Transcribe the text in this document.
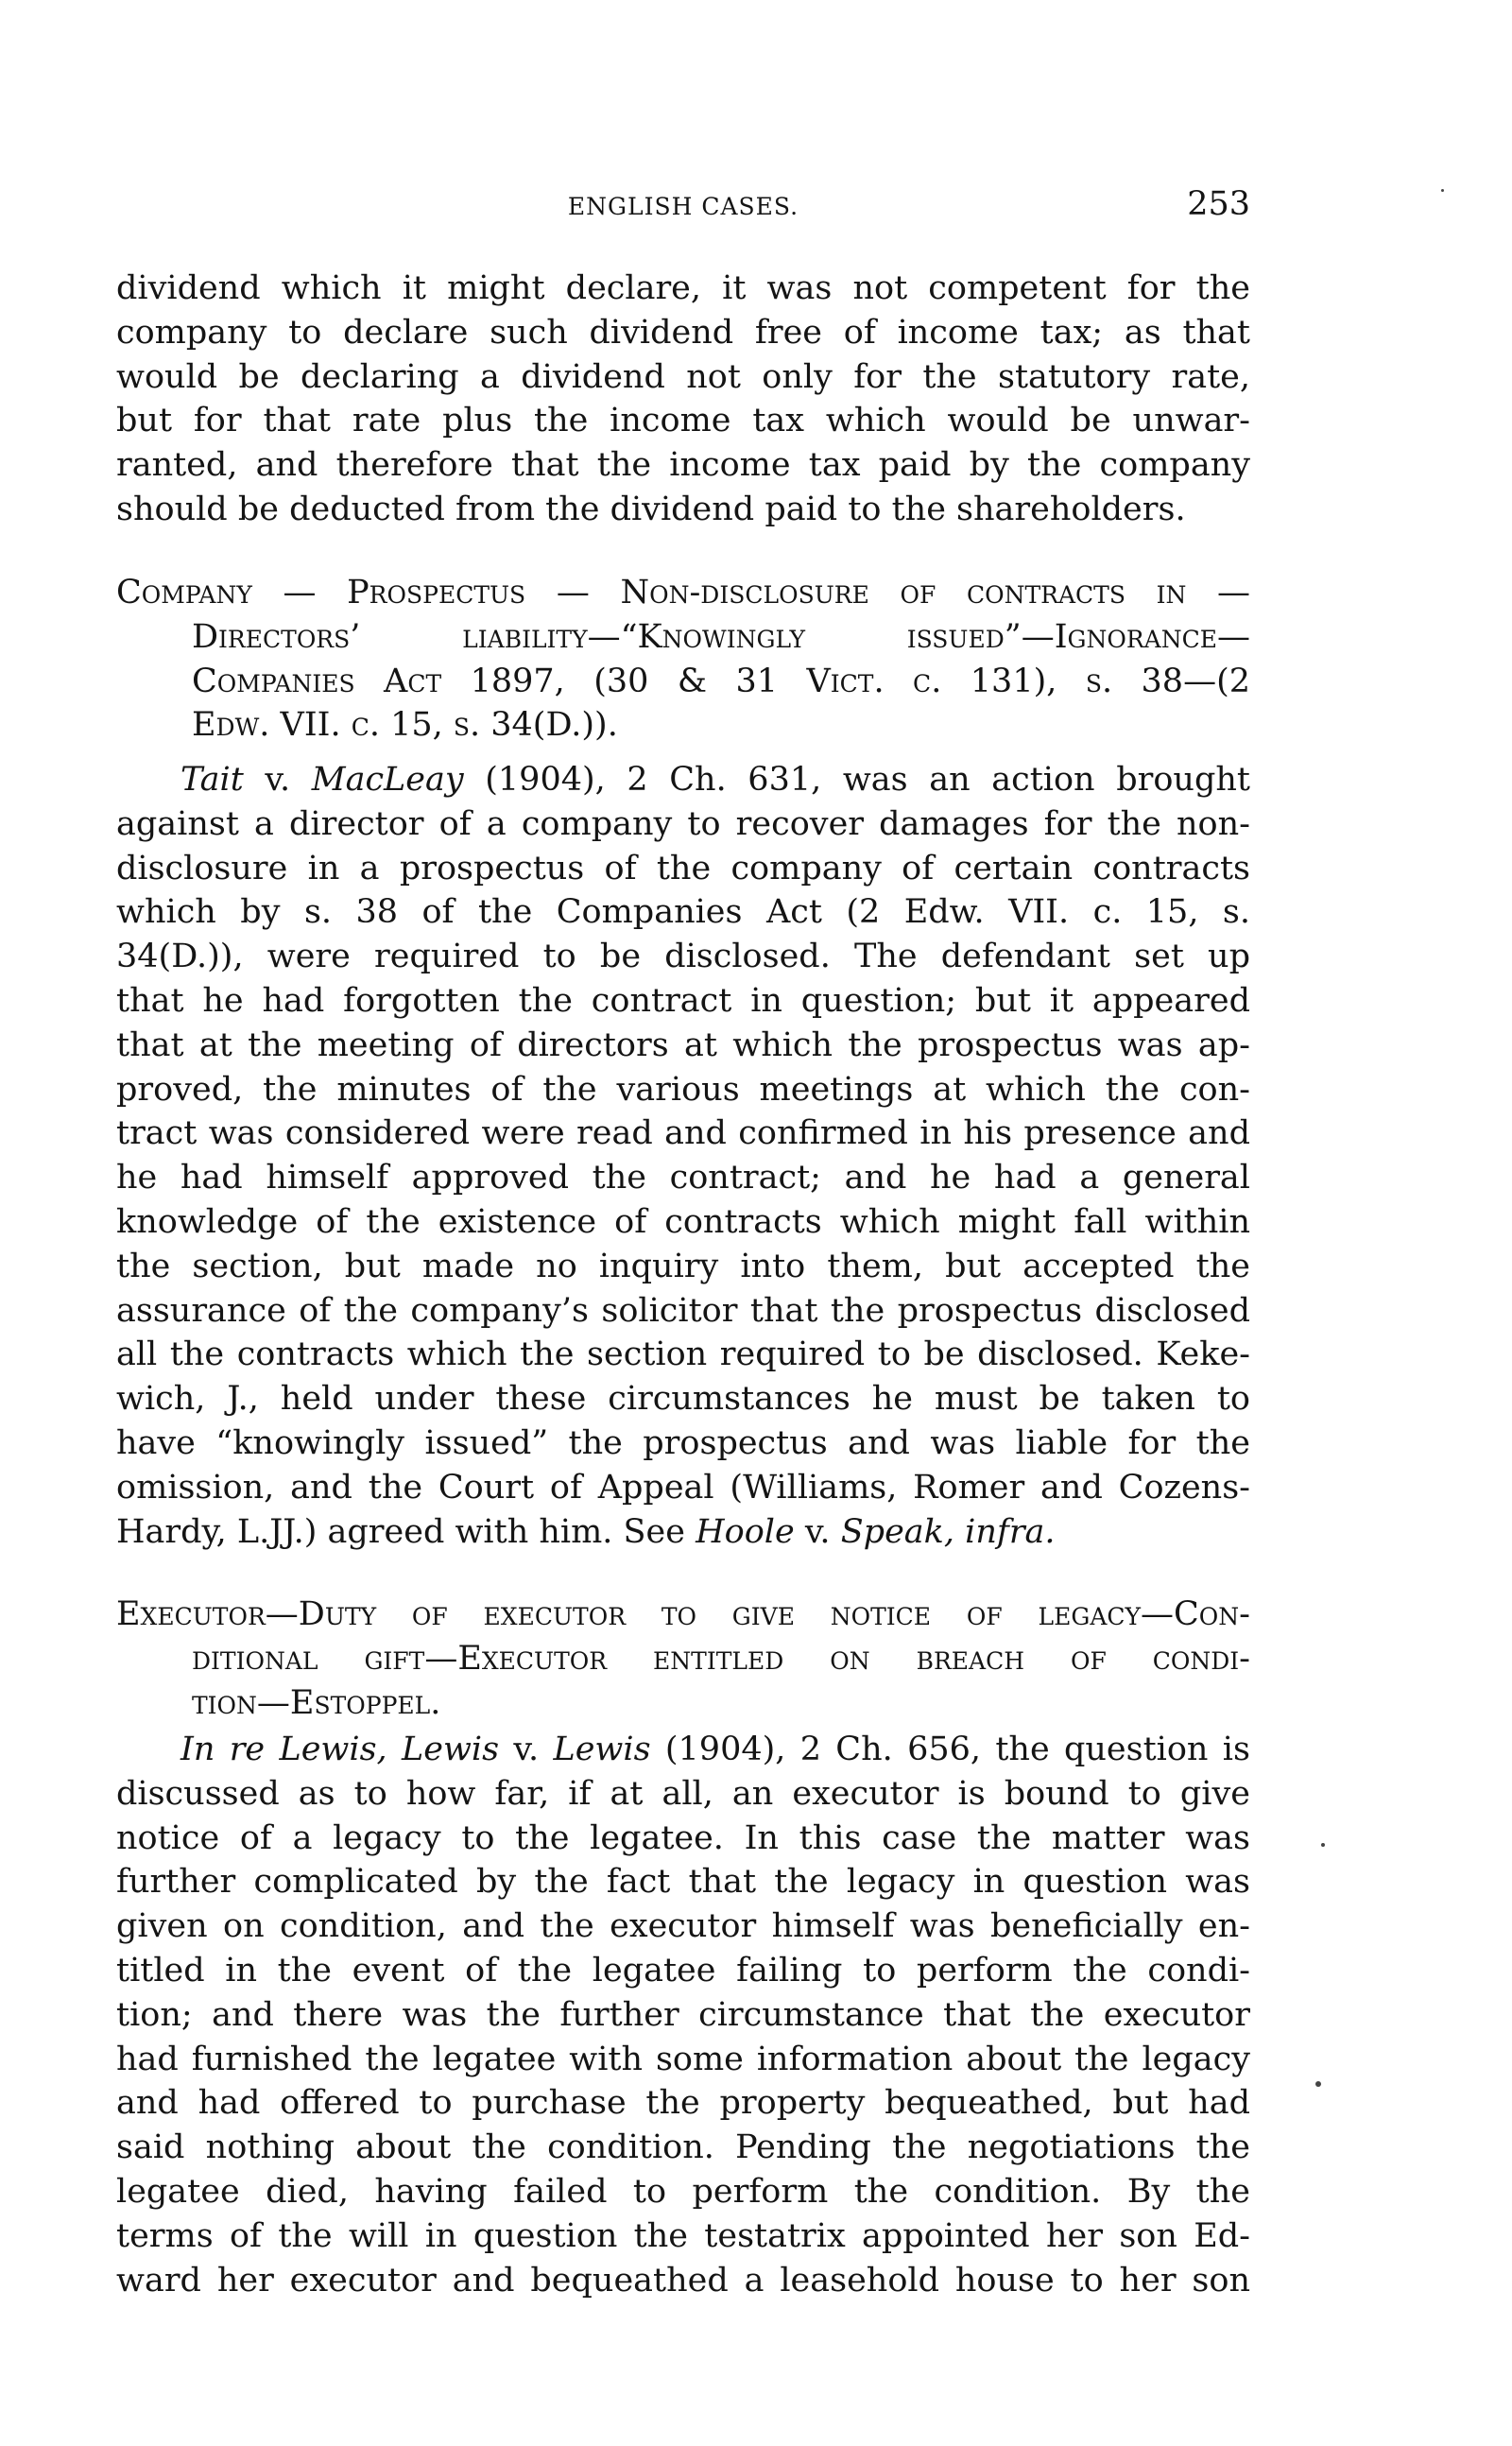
ENGLISH CASES.	253
dividend which it might declare, it was not competent for the
company to declare such dividend free of income tax; as that
would be declaring a dividend not only for the statutory rate,
but for that rate plus the income tax which would be unwar-
ranted, and therefore that the income tax paid by the company
should be deducted from the dividend paid to the shareholders.
Company — Prospectus — Non-disclosure of contracts in —
Directors’ liability—“Knowingly issued”—Ignorance—
Companies Act 1897, (30 & 31 Vict. c. 131), s. 38—(2
Edw. VII. c. 15, s. 34(D.)).
Tait v. MacLeay (1904), 2 Ch. 631, was an action brought
against a director of a company to recover damages for the non-
disclosure in a prospectus of the company of certain contracts
which by s. 38 of the Companies Act (2 Edw. VII. c. 15, s.
34(D.)), were required to be disclosed. The defendant set up
that he had forgotten the contract in question; but it appeared
that at the meeting of directors at which the prospectus was ap-
proved, the minutes of the various meetings at which the con-
tract was considered were read and confirmed in his presence and
he had himself approved the contract; and he had a general
knowledge of the existence of contracts which might fall within
the section, but made no inquiry into them, but accepted the
assurance of the company’s solicitor that the prospectus disclosed
all the contracts which the section required to be disclosed. Keke-
wich, J., held under these circumstances he must be taken to
have “knowingly issued” the prospectus and was liable for the
omission, and the Court of Appeal (Williams, Romer and Cozens-
Hardy, L.JJ.) agreed with him. See Hoole v. Speak, infra.
Executor—Duty of executor to give notice of legacy—Con-
ditional gift—Executor entitled on breach of condi-
tion—Estoppel.
In re Lewis, Lewis v. Lewis (1904), 2 Ch. 656, the question is
discussed as to how far, if at all, an executor is bound to give
notice of a legacy to the legatee. In this case the matter was
further complicated by the fact that the legacy in question was
given on condition, and the executor himself was beneficially en-
titled in the event of the legatee failing to perform the condi-
tion; and there was the further circumstance that the executor
had furnished the legatee with some information about the legacy
and had offered to purchase the property bequeathed, but had
said nothing about the condition. Pending the negotiations the
legatee died, having failed to perform the condition. By the
terms of the will in question the testatrix appointed her son Ed-
ward her executor and bequeathed a leasehold house to her son
